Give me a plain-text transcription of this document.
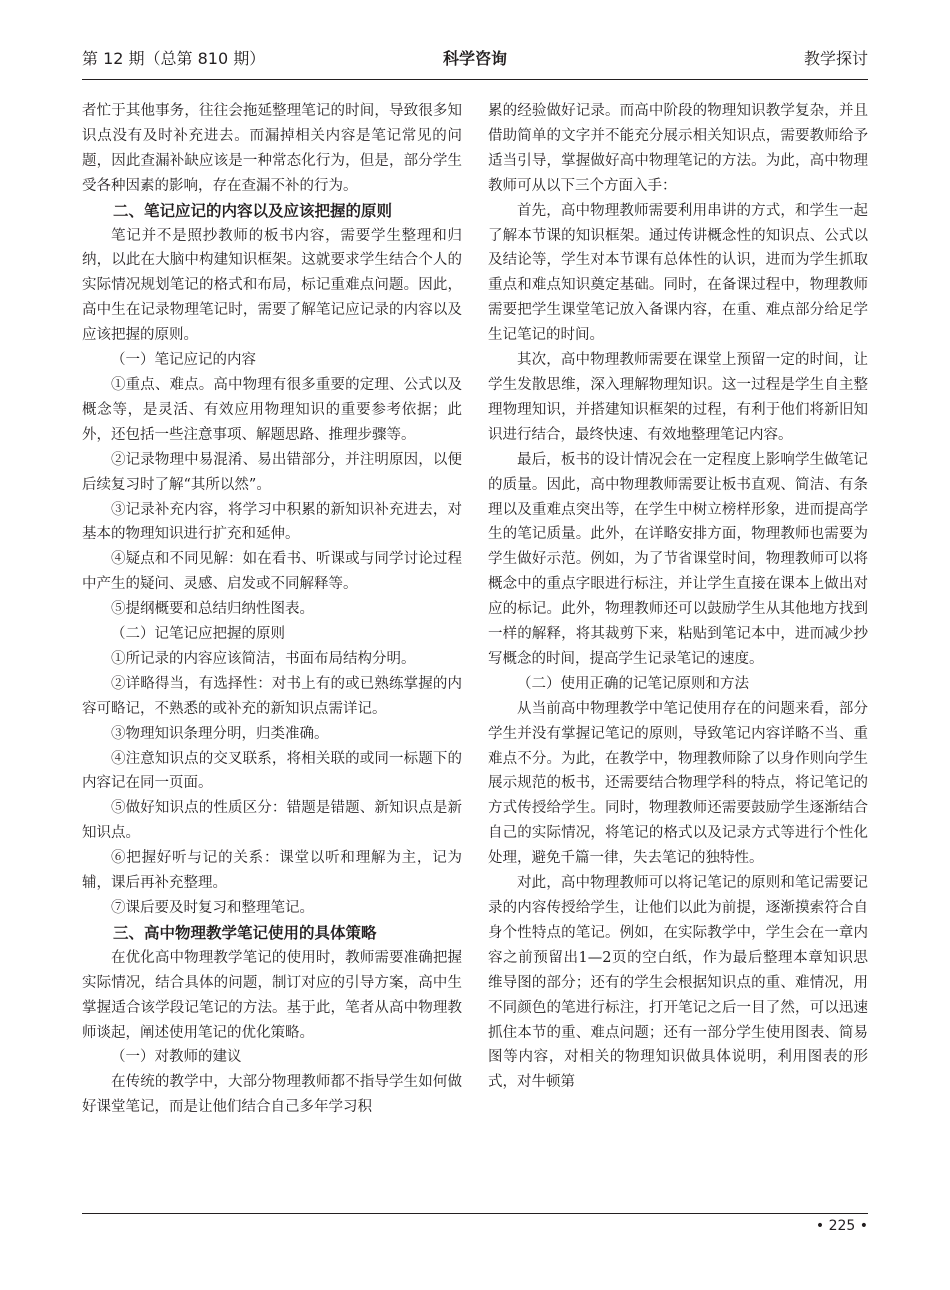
第 12 期（总第 810 期）	科学咨询	教学探讨

者忙于其他事务，往往会拖延整理笔记的时间，导致很多知识点没有及时补充进去。而漏掉相关内容是笔记常见的问题，因此查漏补缺应该是一种常态化行为，但是，部分学生受各种因素的影响，存在查漏不补的行为。

二、笔记应记的内容以及应该把握的原则

笔记并不是照抄教师的板书内容，需要学生整理和归纳，以此在大脑中构建知识框架。这就要求学生结合个人的实际情况规划笔记的格式和布局，标记重难点问题。因此，高中生在记录物理笔记时，需要了解笔记应记录的内容以及应该把握的原则。

（一）笔记应记的内容

①重点、难点。高中物理有很多重要的定理、公式以及概念等，是灵活、有效应用物理知识的重要参考依据；此外，还包括一些注意事项、解题思路、推理步骤等。

②记录物理中易混淆、易出错部分，并注明原因，以便后续复习时了解“其所以然”。

③记录补充内容，将学习中积累的新知识补充进去，对基本的物理知识进行扩充和延伸。

④疑点和不同见解：如在看书、听课或与同学讨论过程中产生的疑问、灵感、启发或不同解释等。

⑤提纲概要和总结归纳性图表。

（二）记笔记应把握的原则

①所记录的内容应该简洁，书面布局结构分明。

②详略得当，有选择性：对书上有的或已熟练掌握的内容可略记，不熟悉的或补充的新知识点需详记。

③物理知识条理分明，归类准确。

④注意知识点的交叉联系，将相关联的或同一标题下的内容记在同一页面。

⑤做好知识点的性质区分：错题是错题、新知识点是新知识点。

⑥把握好听与记的关系：课堂以听和理解为主，记为辅，课后再补充整理。

⑦课后要及时复习和整理笔记。

三、高中物理教学笔记使用的具体策略

在优化高中物理教学笔记的使用时，教师需要准确把握实际情况，结合具体的问题，制订对应的引导方案，高中生掌握适合该学段记笔记的方法。基于此，笔者从高中物理教师谈起，阐述使用笔记的优化策略。

（一）对教师的建议

在传统的教学中，大部分物理教师都不指导学生如何做好课堂笔记，而是让他们结合自己多年学习积

累的经验做好记录。而高中阶段的物理知识教学复杂，并且借助简单的文字并不能充分展示相关知识点，需要教师给予适当引导，掌握做好高中物理笔记的方法。为此，高中物理教师可从以下三个方面入手：

首先，高中物理教师需要利用串讲的方式，和学生一起了解本节课的知识框架。通过传讲概念性的知识点、公式以及结论等，学生对本节课有总体性的认识，进而为学生抓取重点和难点知识奠定基础。同时，在备课过程中，物理教师需要把学生课堂笔记放入备课内容，在重、难点部分给足学生记笔记的时间。

其次，高中物理教师需要在课堂上预留一定的时间，让学生发散思维，深入理解物理知识。这一过程是学生自主整理物理知识，并搭建知识框架的过程，有利于他们将新旧知识进行结合，最终快速、有效地整理笔记内容。

最后，板书的设计情况会在一定程度上影响学生做笔记的质量。因此，高中物理教师需要让板书直观、简洁、有条理以及重难点突出等，在学生中树立榜样形象，进而提高学生的笔记质量。此外，在详略安排方面，物理教师也需要为学生做好示范。例如，为了节省课堂时间，物理教师可以将概念中的重点字眼进行标注，并让学生直接在课本上做出对应的标记。此外，物理教师还可以鼓励学生从其他地方找到一样的解释，将其裁剪下来，粘贴到笔记本中，进而减少抄写概念的时间，提高学生记录笔记的速度。

（二）使用正确的记笔记原则和方法

从当前高中物理教学中笔记使用存在的问题来看，部分学生并没有掌握记笔记的原则，导致笔记内容详略不当、重难点不分。为此，在教学中，物理教师除了以身作则向学生展示规范的板书，还需要结合物理学科的特点，将记笔记的方式传授给学生。同时，物理教师还需要鼓励学生逐渐结合自己的实际情况，将笔记的格式以及记录方式等进行个性化处理，避免千篇一律，失去笔记的独特性。

对此，高中物理教师可以将记笔记的原则和笔记需要记录的内容传授给学生，让他们以此为前提，逐渐摸索符合自身个性特点的笔记。例如，在实际教学中，学生会在一章内容之前预留出1—2页的空白纸，作为最后整理本章知识思维导图的部分；还有的学生会根据知识点的重、难情况，用不同颜色的笔进行标注，打开笔记之后一目了然，可以迅速抓住本节的重、难点问题；还有一部分学生使用图表、简易图等内容，对相关的物理知识做具体说明，利用图表的形式，对牛顿第

• 225 •
